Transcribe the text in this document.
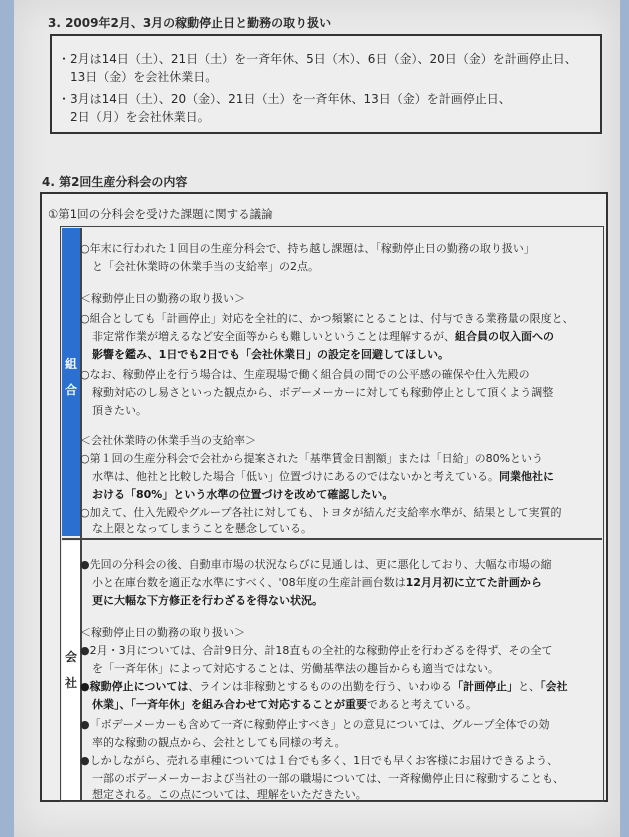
3. 2009年2月、3月の稼動停止日と勤務の取り扱い
・2月は14日（土）、21日（土）を一斉年休、5日（木）、6日（金）、20日（金）を計画停止日、
13日（金）を会社休業日。
・3月は14日（土）、20（金）、21日（土）を一斉年休、13日（金）を計画停止日、
2日（月）を会社休業日。
4. 第2回生産分科会の内容
①第1回の分科会を受けた課題に関する議論
組
合
会
社
○年末に行われた１回目の生産分科会で、持ち越し課題は、「稼動停止日の勤務の取り扱い」
と「会社休業時の休業手当の支給率」の2点。
＜稼動停止日の勤務の取り扱い＞
○組合としても「計画停止」対応を全社的に、かつ頻繁にとることは、付与できる業務量の限度と、
非定常作業が増えるなど安全面等からも難しいということは理解するが、組合員の収入面への
影響を鑑み、1日でも2日でも「会社休業日」の設定を回避してほしい。
○なお、稼動停止を行う場合は、生産現場で働く組合員の間での公平感の確保や仕入先殿の
稼動対応のし易さといった観点から、ボデーメーカーに対しても稼動停止として頂くよう調整
頂きたい。
＜会社休業時の休業手当の支給率＞
○第１回の生産分科会で会社から提案された「基準賃金日割額」または「日給」の80%という
水準は、他社と比較した場合「低い」位置づけにあるのではないかと考えている。同業他社に
おける「80%」という水準の位置づけを改めて確認したい。
○加えて、仕入先殿やグループ各社に対しても、トヨタが結んだ支給率水準が、結果として実質的
な上限となってしまうことを懸念している。
●先回の分科会の後、自動車市場の状況ならびに見通しは、更に悪化しており、大幅な市場の縮
小と在庫台数を適正な水準にすべく、'08年度の生産計画台数は12月月初に立てた計画から
更に大幅な下方修正を行わざるを得ない状況。
＜稼動停止日の勤務の取り扱い＞
●2月・3月については、合計9日分、計18直もの全社的な稼動停止を行わざるを得ず、その全て
を「一斉年休」によって対応することは、労働基準法の趣旨からも適当ではない。
●稼動停止については、ラインは非稼動とするものの出勤を行う、いわゆる「計画停止」と、「会社
休業」、「一斉年休」を組み合わせて対応することが重要であると考えている。
●「ボデーメーカーも含めて一斉に稼動停止すべき」との意見については、グループ全体での効
率的な稼動の観点から、会社としても同様の考え。
●しかしながら、売れる車種については１台でも多く、1日でも早くお客様にお届けできるよう、
一部のボデーメーカーおよび当社の一部の職場については、一斉稼働停止日に稼動することも、
想定される。この点については、理解をいただきたい。
